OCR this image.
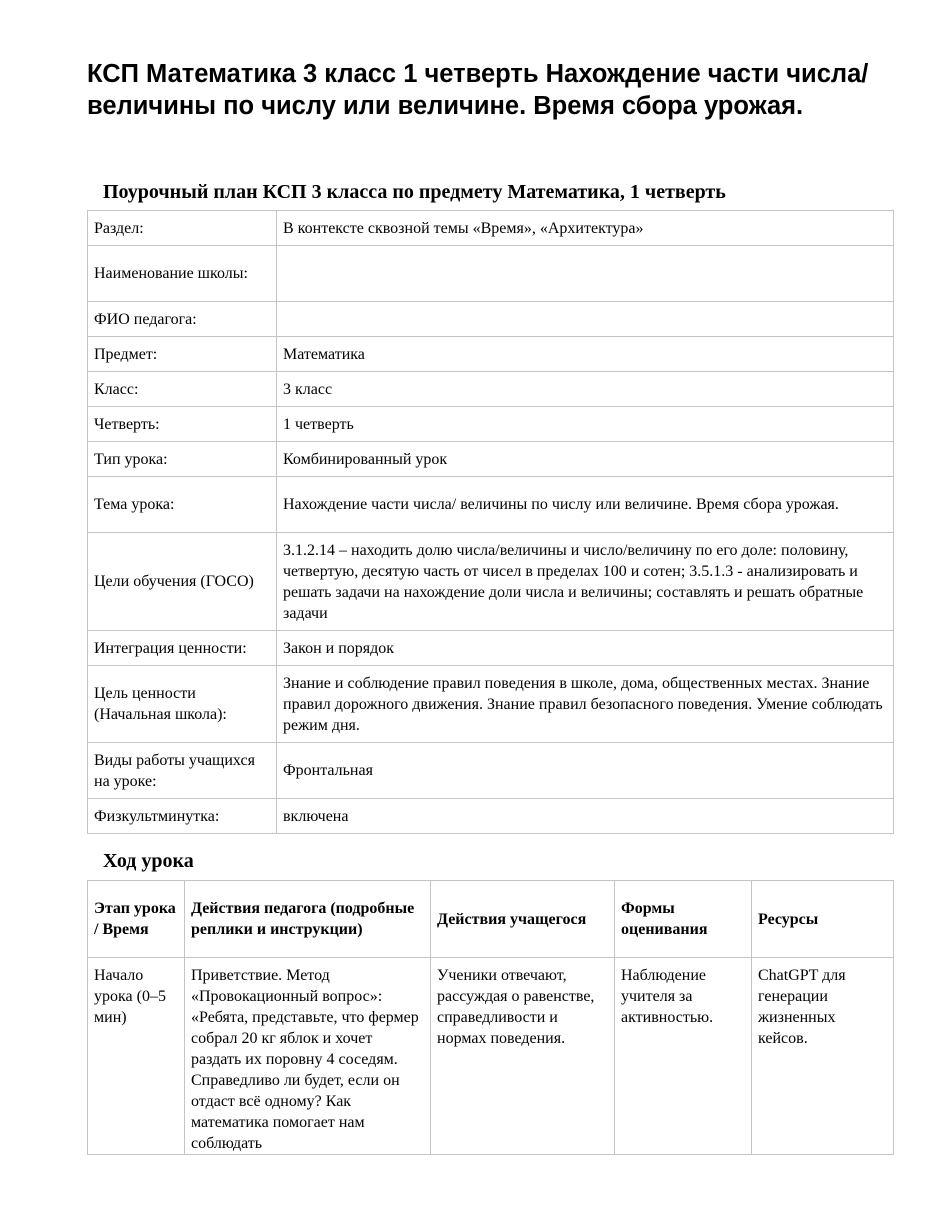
КСП Математика 3 класс 1 четверть Нахождение части числа/ величины по числу или величине. Время сбора урожая.
Поурочный план КСП 3 класса по предмету Математика, 1 четверть
Раздел:	В контексте сквозной темы «Время», «Архитектура»
Наименование школы:	
ФИО педагога:	
Предмет:	Математика
Класс:	3 класс
Четверть:	1 четверть
Тип урока:	Комбинированный урок
Тема урока:	Нахождение части числа/ величины по числу или величине. Время сбора урожая.
Цели обучения (ГОСО)	3.1.2.14 – находить долю числа/величины и число/величину по его доле: половину, четвертую, десятую часть от чисел в пределах 100 и сотен; 3.5.1.3 - анализировать и решать задачи на нахождение доли числа и величины; составлять и решать обратные задачи
Интеграция ценности:	Закон и порядок
Цель ценности (Начальная школа):	Знание и соблюдение правил поведения в школе, дома, общественных местах. Знание правил дорожного движения. Знание правил безопасного поведения. Умение соблюдать режим дня.
Виды работы учащихся на уроке:	Фронтальная
Физкультминутка:	включена
Ход урока
Этап урока / Время	Действия педагога (подробные реплики и инструкции)	Действия учащегося	Формы оценивания	Ресурсы

Начало урока (0–5 мин)	Приветствие. Метод «Провокационный вопрос»: «Ребята, представьте, что фермер собрал 20 кг яблок и хочет раздать их поровну 4 соседям. Справедливо ли будет, если он отдаст всё одному? Как математика помогает нам соблюдать	Ученики отвечают, рассуждая о равенстве, справедливости и нормах поведения.	Наблюдение учителя за активностью.	ChatGPT для генерации жизненных кейсов.
